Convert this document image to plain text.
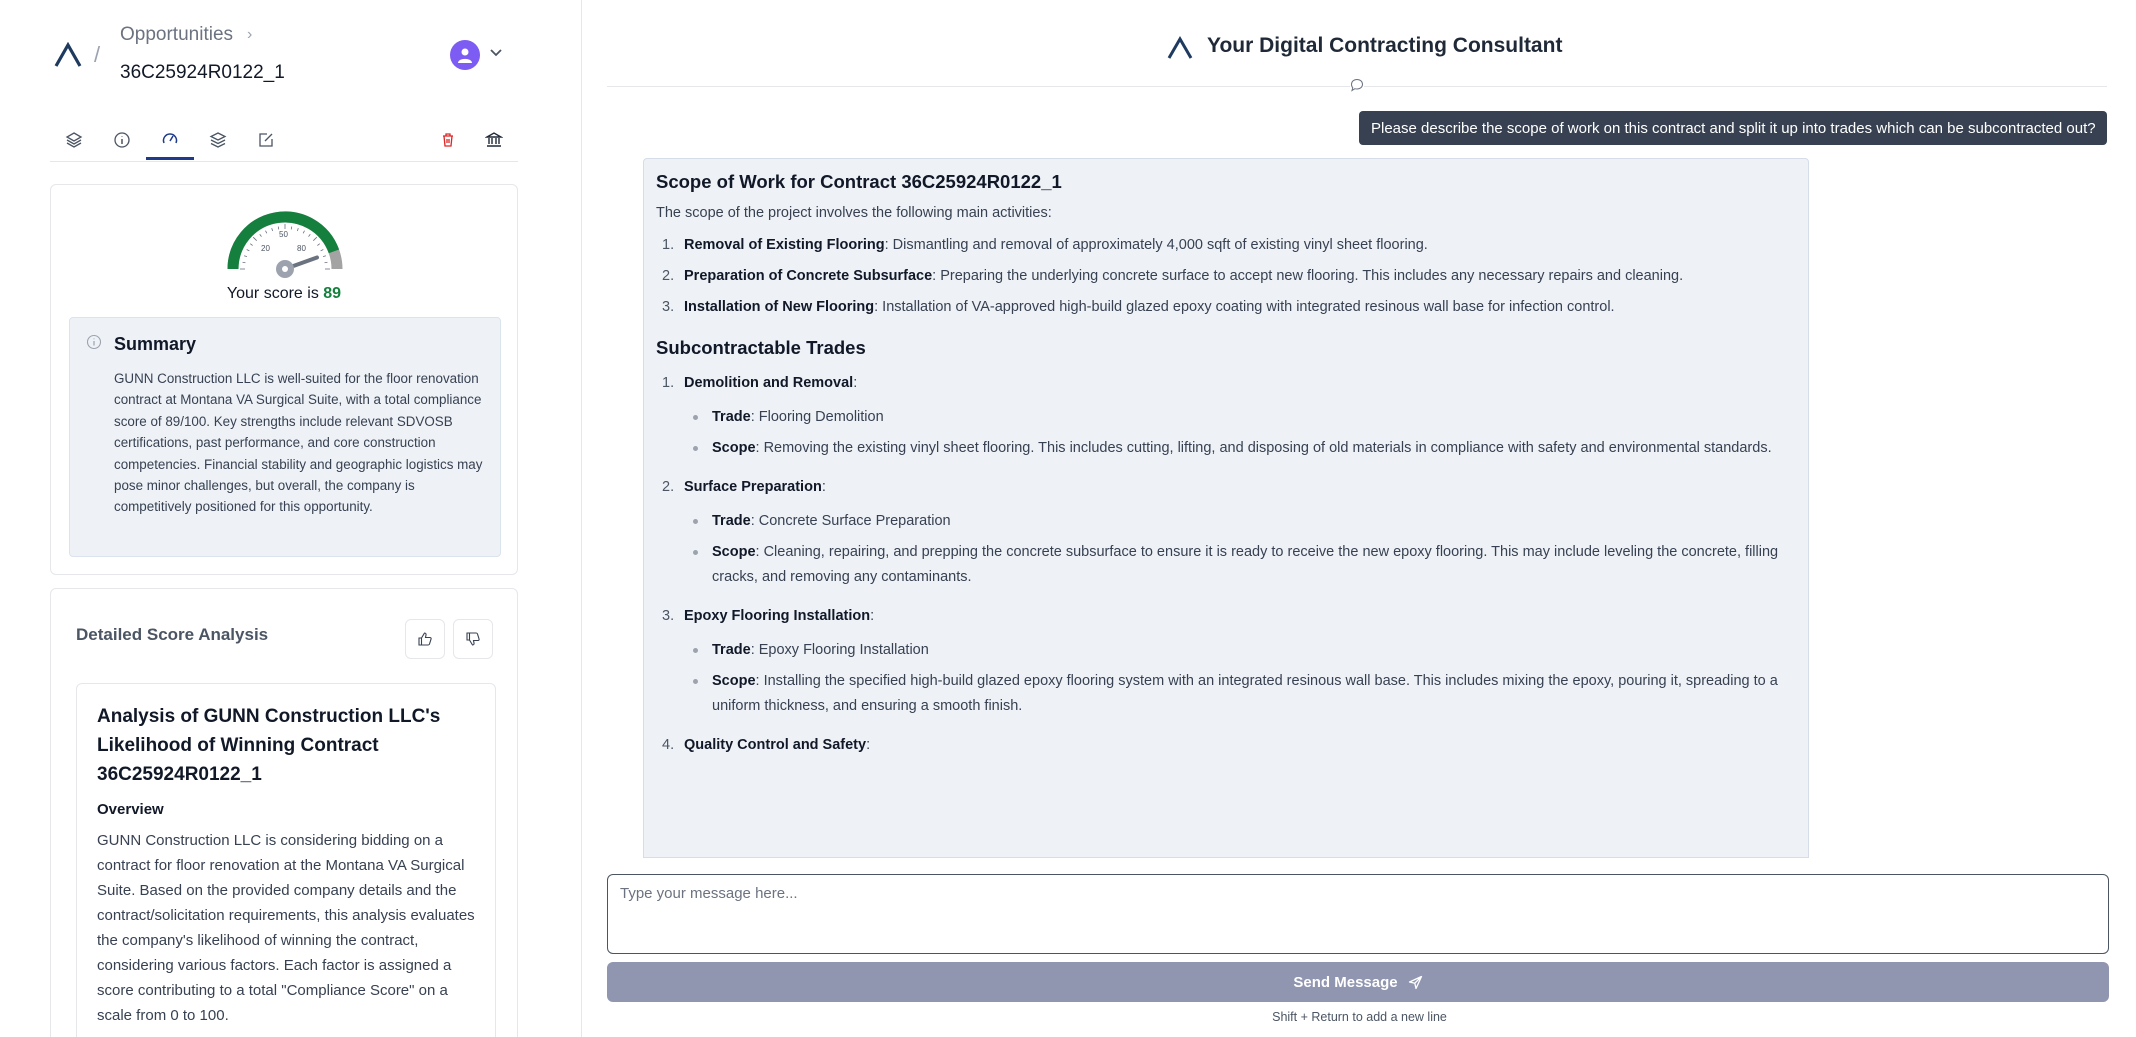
/
Opportunities ›
36C25924R0122_1
20
50
80
Your score is 89
Summary

GUNN Construction LLC is well-suited for the floor renovation contract at Montana VA Surgical Suite, with a total compliance score of 89/100. Key strengths include relevant SDVOSB certifications, past performance, and core construction competencies. Financial stability and geographic logistics may pose minor challenges, but overall, the company is competitively positioned for this opportunity.

Detailed Score Analysis
Analysis of GUNN Construction LLC's Likelihood of Winning Contract 36C25924R0122_1
Overview

GUNN Construction LLC is considering bidding on a contract for floor renovation at the Montana VA Surgical Suite. Based on the provided company details and the contract/solicitation requirements, this analysis evaluates the company's likelihood of winning the contract, considering various factors. Each factor is assigned a score contributing to a total "Compliance Score" on a scale from 0 to 100.

Your Digital Contracting Consultant
Please describe the scope of work on this contract and split it up into trades which can be subcontracted out?
Scope of Work for Contract 36C25924R0122_1
The scope of the project involves the following main activities:
1. Removal of Existing Flooring: Dismantling and removal of approximately 4,000 sqft of existing vinyl sheet flooring.
2. Preparation of Concrete Subsurface: Preparing the underlying concrete surface to accept new flooring. This includes any necessary repairs and cleaning.
3. Installation of New Flooring: Installation of VA-approved high-build glazed epoxy coating with integrated resinous wall base for infection control.
Subcontractable Trades
1. Demolition and Removal:
Trade: Flooring Demolition
Scope: Removing the existing vinyl sheet flooring. This includes cutting, lifting, and disposing of old materials in compliance with safety and environmental standards.
2. Surface Preparation:
Trade: Concrete Surface Preparation
Scope: Cleaning, repairing, and prepping the concrete subsurface to ensure it is ready to receive the new epoxy flooring. This may include leveling the concrete, filling cracks, and removing any contaminants.
3. Epoxy Flooring Installation:
Trade: Epoxy Flooring Installation
Scope: Installing the specified high-build glazed epoxy flooring system with an integrated resinous wall base. This includes mixing the epoxy, pouring it, spreading to a uniform thickness, and ensuring a smooth finish.
4. Quality Control and Safety:
Type your message here...
Send Message
Shift + Return to add a new line
